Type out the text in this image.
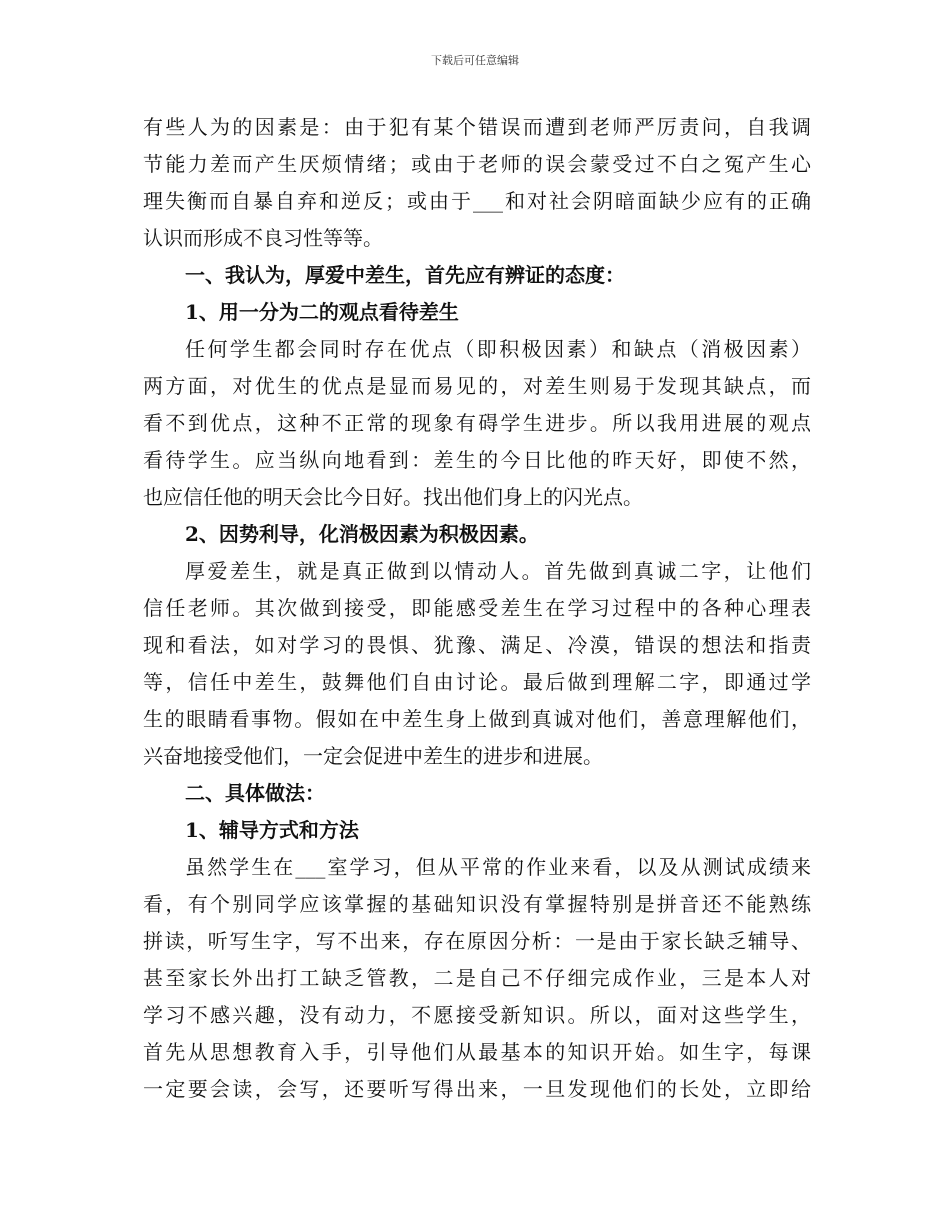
下载后可任意编辑
有些人为的因素是：由于犯有某个错误而遭到老师严厉责问，自我调
节能力差而产生厌烦情绪；或由于老师的误会蒙受过不白之冤产生心
理失衡而自暴自弃和逆反；或由于___和对社会阴暗面缺少应有的正确
认识而形成不良习性等等。
一、我认为，厚爱中差生，首先应有辨证的态度：
1、用一分为二的观点看待差生
任何学生都会同时存在优点（即积极因素）和缺点（消极因素）
两方面，对优生的优点是显而易见的，对差生则易于发现其缺点，而
看不到优点，这种不正常的现象有碍学生进步。所以我用进展的观点
看待学生。应当纵向地看到：差生的今日比他的昨天好，即使不然，
也应信任他的明天会比今日好。找出他们身上的闪光点。
2、因势利导，化消极因素为积极因素。
厚爱差生，就是真正做到以情动人。首先做到真诚二字，让他们
信任老师。其次做到接受，即能感受差生在学习过程中的各种心理表
现和看法，如对学习的畏惧、犹豫、满足、冷漠，错误的想法和指责
等，信任中差生，鼓舞他们自由讨论。最后做到理解二字，即通过学
生的眼睛看事物。假如在中差生身上做到真诚对他们，善意理解他们，
兴奋地接受他们，一定会促进中差生的进步和进展。
二、具体做法：
1、辅导方式和方法
虽然学生在___室学习，但从平常的作业来看，以及从测试成绩来
看，有个别同学应该掌握的基础知识没有掌握特别是拼音还不能熟练
拼读，听写生字，写不出来，存在原因分析：一是由于家长缺乏辅导、
甚至家长外出打工缺乏管教，二是自己不仔细完成作业，三是本人对
学习不感兴趣，没有动力，不愿接受新知识。所以，面对这些学生，
首先从思想教育入手，引导他们从最基本的知识开始。如生字，每课
一定要会读，会写，还要听写得出来，一旦发现他们的长处，立即给
